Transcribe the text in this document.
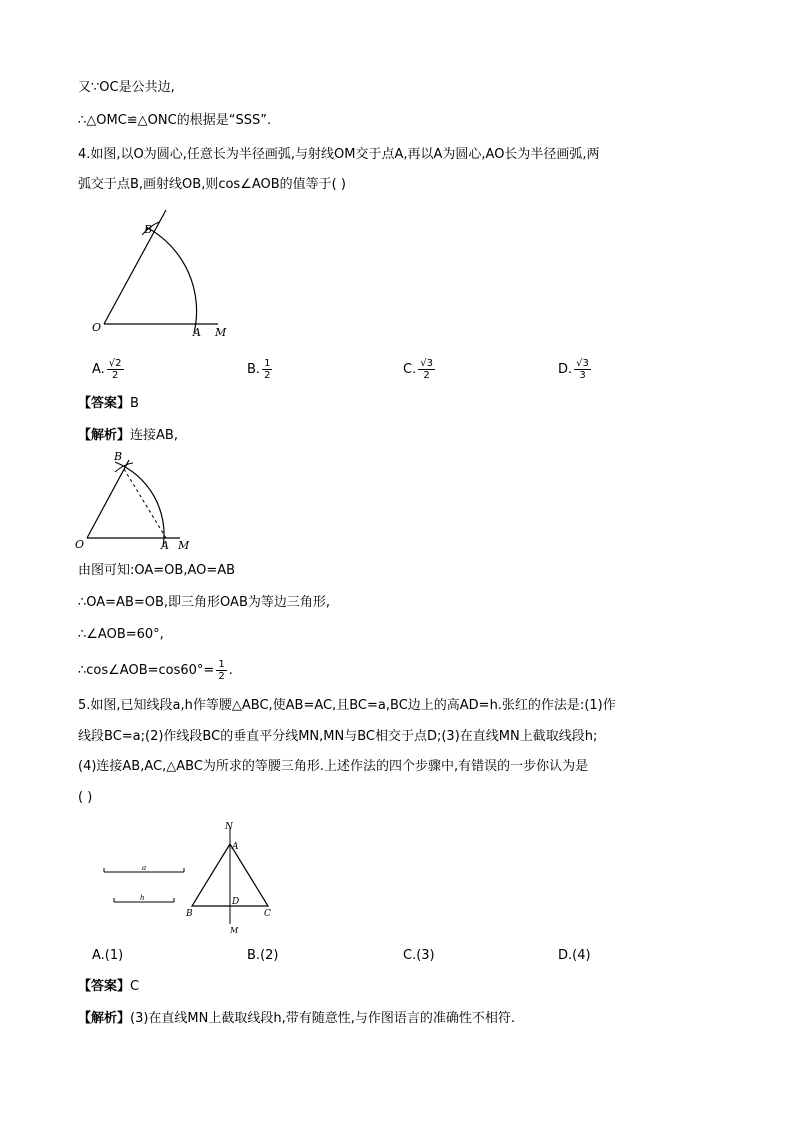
又∵OC是公共边,
∴△OMC≌△ONC的根据是“SSS”.
4.如图,以O为圆心,任意长为半径画弧,与射线OM交于点A,再以A为圆心,AO长为半径画弧,两
弧交于点B,画射线OB,则cos∠AOB的值等于( )
O	A M
B
A. $\frac{√2}{2}$	B. $\frac{1}{2}$	C. $\frac{√3}{2}$	D. $\frac{√3}{3}$
【答案】B
【解析】连接AB,
O	A M
B
由图可知:OA=OB,AO=AB
∴OA=AB=OB,即三角形OAB为等边三角形,
∴∠AOB=60°,
∴cos∠AOB=cos60°= $\frac{1}{2}$ .
5.如图,已知线段a,h作等腰△ABC,使AB=AC,且BC=a,BC边上的高AD=h.张红的作法是:(1)作
线段BC=a;(2)作线段BC的垂直平分线MN,MN与BC相交于点D;(3)在直线MN上截取线段h;
(4)连接AB,AC,△ABC为所求的等腰三角形.上述作法的四个步骤中,有错误的一步你认为是
( )
a
h
N
A
B	C
D
M
A.(1)	B.(2)	C.(3)	D.(4)
【答案】C
【解析】(3)在直线MN上截取线段h,带有随意性,与作图语言的准确性不相符.
